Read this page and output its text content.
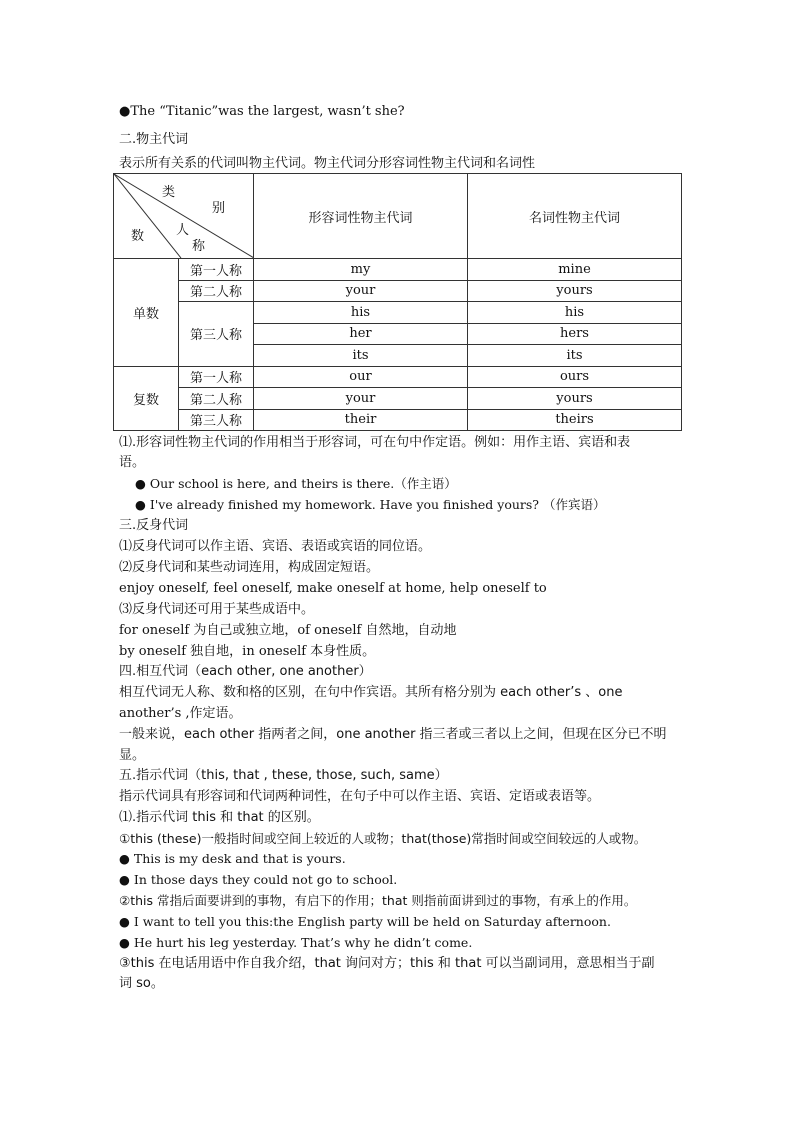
●The “Titanic”was the largest, wasn’t she?
二.物主代词
表示所有关系的代词叫物主代词。物主代词分形容词性物主代词和名词性
类
别
数 人
称		形容词性物主代词	名词性物主代词
单数	第一人称	my	mine
	第二人称	your	yours
	第三人称	his	his
		her	hers
		its	its
复数	第一人称	our	ours
	第二人称	your	yours
	第三人称	their	theirs
⑴.形容词性物主代词的作用相当于形容词，可在句中作定语。例如：用作主语、宾语和表
语。
● Our school is here, and theirs is there.（作主语）
● I've already finished my homework. Have you finished yours? （作宾语）
三.反身代词
⑴反身代词可以作主语、宾语、表语或宾语的同位语。
⑵反身代词和某些动词连用，构成固定短语。
enjoy oneself, feel oneself, make oneself at home, help oneself to
⑶反身代词还可用于某些成语中。
for oneself 为自己或独立地，of oneself 自然地，自动地
by oneself 独自地，in oneself 本身性质。
四.相互代词（each other, one another）
相互代词无人称、数和格的区别，在句中作宾语。其所有格分别为 each other’s 、one
another’s ,作定语。
一般来说，each other 指两者之间，one another 指三者或三者以上之间，但现在区分已不明
显。
五.指示代词（this, that , these, those, such, same）
指示代词具有形容词和代词两种词性，在句子中可以作主语、宾语、定语或表语等。
⑴.指示代词 this 和 that 的区别。
①this (these)一般指时间或空间上较近的人或物；that(those)常指时间或空间较远的人或物。
● This is my desk and that is yours.
● In those days they could not go to school.
②this 常指后面要讲到的事物，有启下的作用；that 则指前面讲到过的事物，有承上的作用。
● I want to tell you this:the English party will be held on Saturday afternoon.
● He hurt his leg yesterday. That’s why he didn’t come.
③this 在电话用语中作自我介绍，that 询问对方；this 和 that 可以当副词用，意思相当于副
词 so。
